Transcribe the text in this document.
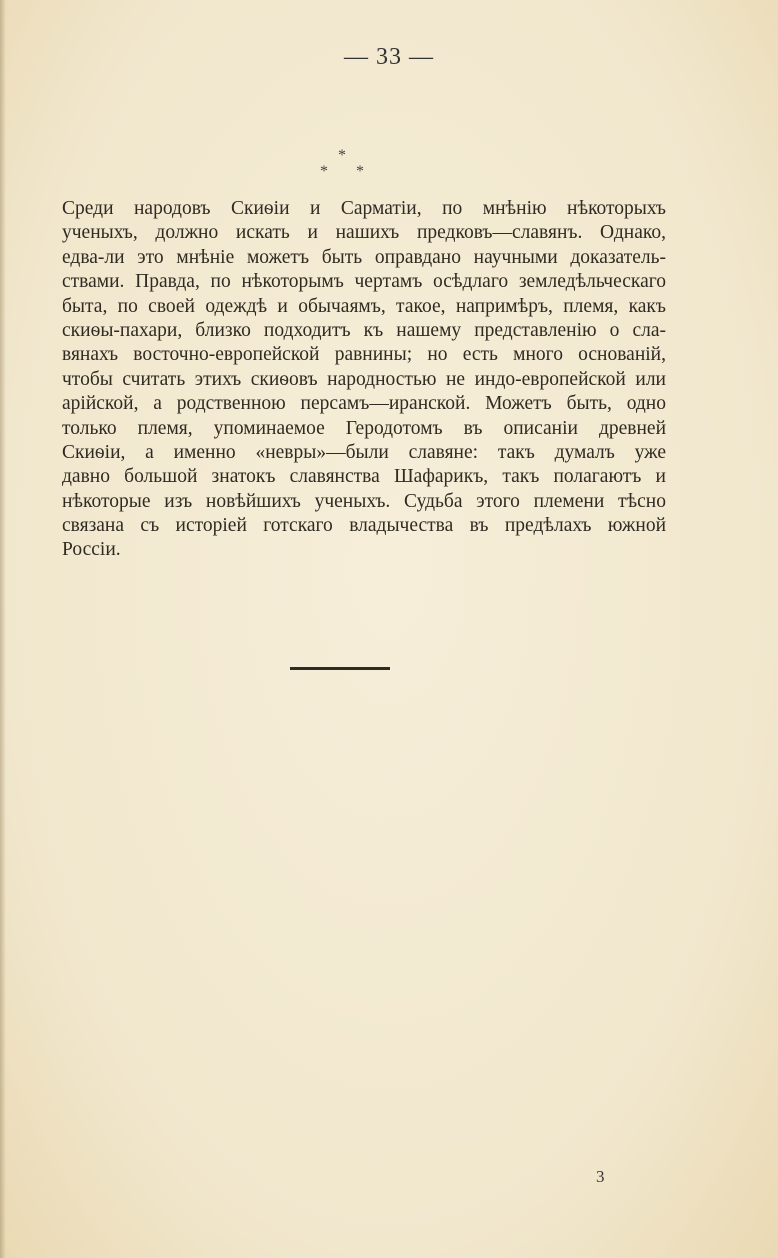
— 33 —
*
* *

Среди народовъ Скиѳіи и Сарматіи, по мнѣнію нѣкоторыхъ
ученыхъ, должно искать и нашихъ предковъ—славянъ. Однако,
едва-ли это мнѣніе можетъ быть оправдано научными доказатель-
ствами. Правда, по нѣкоторымъ чертамъ осѣдлаго земледѣльческаго
быта, по своей одеждѣ и обычаямъ, такое, напримѣръ, племя, какъ
скиѳы-пахари, близко подходитъ къ нашему представленію о сла-
вянахъ восточно-европейской равнины; но есть много основаній,
чтобы считать этихъ скиѳовъ народностью не индо-европейской или
арійской, а родственною персамъ—иранской. Можетъ быть, одно
только племя, упоминаемое Геродотомъ въ описаніи древней
Скиѳіи, а именно «невры»—были славяне: такъ думалъ уже
давно большой знатокъ славянства Шафарикъ, такъ полагаютъ и
нѣкоторые изъ новѣйшихъ ученыхъ. Судьба этого племени тѣсно
связана съ исторіей готскаго владычества въ предѣлахъ южной
Россіи.

3
